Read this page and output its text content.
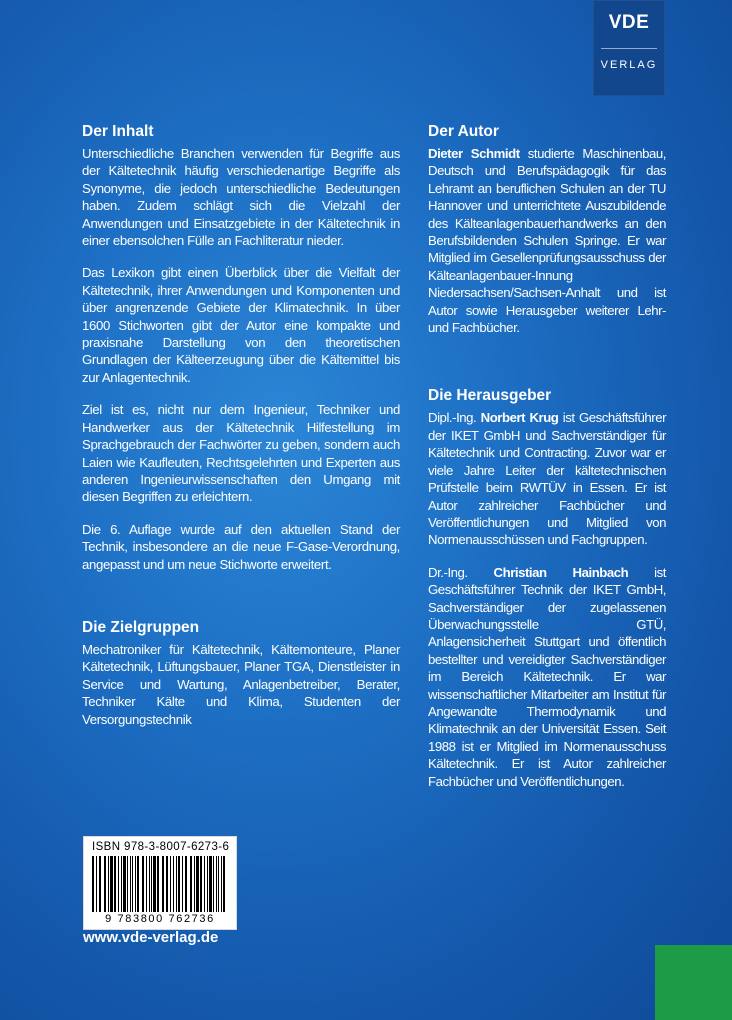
VDE
VERLAG
Der Inhalt

Unterschiedliche Branchen verwenden für Begriffe aus der Kältetechnik häufig verschiedenartige Begriffe als Synonyme, die jedoch unterschiedliche Bedeutungen haben. Zudem schlägt sich die Vielzahl der Anwendungen und Einsatzgebiete in der Kältetechnik in einer ebensolchen Fülle an Fachliteratur nieder.

Das Lexikon gibt einen Überblick über die Vielfalt der Kältetechnik, ihrer Anwendungen und Komponenten und über angrenzende Gebiete der Klimatechnik. In über 1600 Stichworten gibt der Autor eine kompakte und praxisnahe Darstellung von den theoretischen Grundlagen der Kälteerzeugung über die Kältemittel bis zur Anlagentechnik.

Ziel ist es, nicht nur dem Ingenieur, Techniker und Handwerker aus der Kältetechnik Hilfestellung im Sprachgebrauch der Fachwörter zu geben, sondern auch Laien wie Kaufleuten, Rechtsgelehrten und Experten aus anderen Ingenieurwissenschaften den Umgang mit diesen Begriffen zu erleichtern.

Die 6. Auflage wurde auf den aktuellen Stand der Technik, insbesondere an die neue F-Gase-Verordnung, angepasst und um neue Stichworte erweitert.

Die Zielgruppen

Mechatroniker für Kältetechnik, Kältemonteure, Planer Kältetechnik, Lüftungsbauer, Planer TGA, Dienstleister in Service und Wartung, Anlagenbetreiber, Berater, Techniker Kälte und Klima, Studenten der Versorgungstechnik

Der Autor

Dieter Schmidt studierte Maschinenbau, Deutsch und Berufspädagogik für das Lehramt an beruflichen Schulen an der TU Hannover und unterrichtete Auszubildende des Kälteanlagenbauerhandwerks an den Berufsbildenden Schulen Springe. Er war Mitglied im Gesellenprüfungsausschuss der Kälteanlagenbauer-Innung Niedersachsen/Sachsen-Anhalt und ist Autor sowie Herausgeber weiterer Lehr- und Fachbücher.

Die Herausgeber

Dipl.-Ing. Norbert Krug ist Geschäftsführer der IKET GmbH und Sachverständiger für Kältetechnik und Contracting. Zuvor war er viele Jahre Leiter der kältetechnischen Prüfstelle beim RWTÜV in Essen. Er ist Autor zahlreicher Fachbücher und Veröffentlichungen und Mitglied von Normenausschüssen und Fachgruppen.

Dr.-Ing. Christian Hainbach ist Geschäftsführer Technik der IKET GmbH, Sachverständiger der zugelassenen Überwachungsstelle GTÜ, Anlagensicherheit Stuttgart und öffentlich bestellter und vereidigter Sachverständiger im Bereich Kältetechnik. Er war wissenschaftlicher Mitarbeiter am Institut für Angewandte Thermodynamik und Klimatechnik an der Universität Essen. Seit 1988 ist er Mitglied im Normenausschuss Kältetechnik. Er ist Autor zahlreicher Fachbücher und Veröffentlichungen.

ISBN 978-3-8007-6273-6
9 783800 762736
www.vde-verlag.de
